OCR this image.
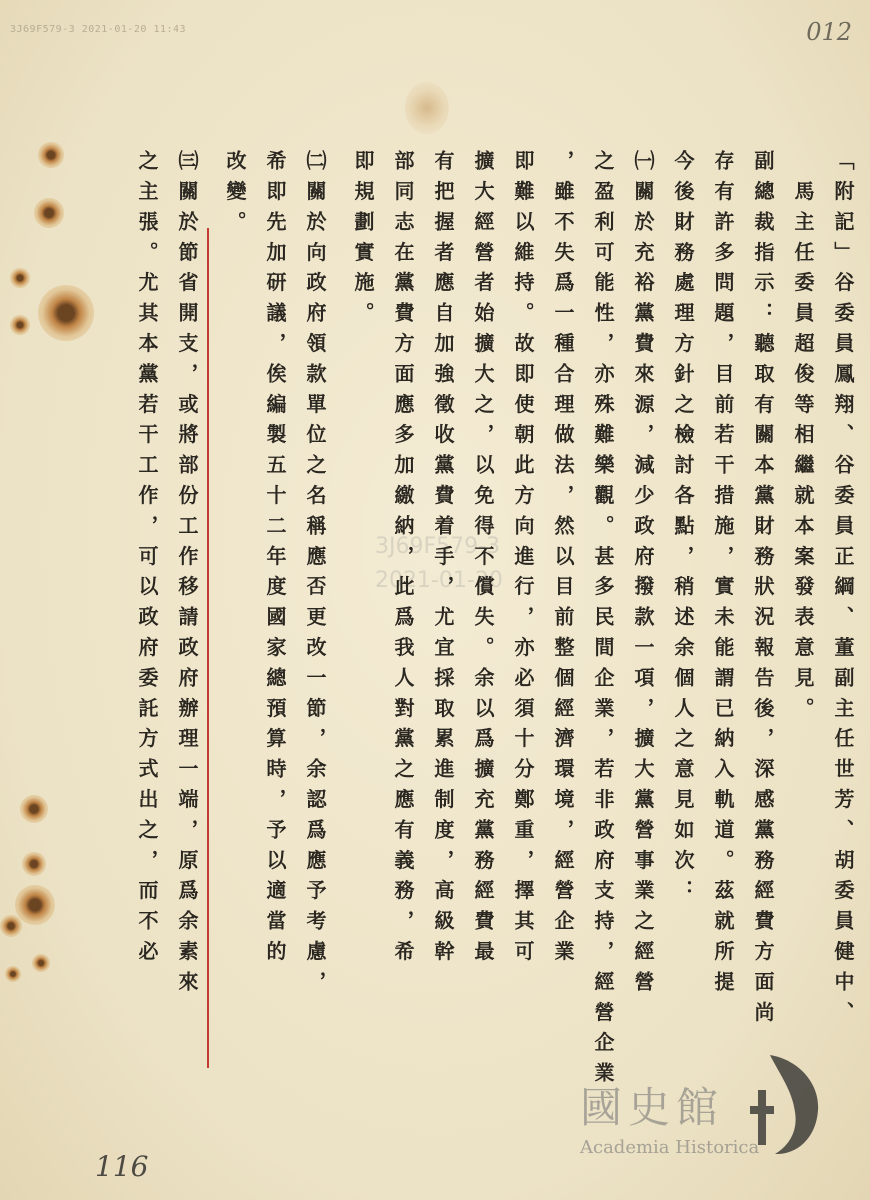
3J69F579-3 2021-01-20 11:43	012
3J69F579-3
2021-01-20	「附記」谷委員鳳翔、谷委員正綱、董副主任世芳、胡委員健中、
　馬主任委員超俊等相繼就本案發表意見。
副總裁指示：聽取有關本黨財務狀況報告後，深感黨務經費方面尚
存有許多問題，目前若干措施，實未能謂已納入軌道。茲就所提
今後財務處理方針之檢討各點，稍述余個人之意見如次：
㈠關於充裕黨費來源，減少政府撥款一項，擴大黨營事業之經營
之盈利可能性，亦殊難樂觀。甚多民間企業，若非政府支持，經營企業
，雖不失爲一種合理做法，然以目前整個經濟環境，經營企業
即難以維持。故即使朝此方向進行，亦必須十分鄭重，擇其可
擴大經營者始擴大之，以免得不償失。余以爲擴充黨務經費最
有把握者應自加強徵收黨費着手，尤宜採取累進制度，高級幹
部同志在黨費方面應多加繳納，此爲我人對黨之應有義務，希
即規劃實施。
㈡關於向政府領款單位之名稱應否更改一節，余認爲應予考慮，
希即先加研議，俟編製五十二年度國家總預算時，予以適當的
改變。
㈢關於節省開支，或將部份工作移請政府辦理一端，原爲余素來
之主張。尤其本黨若干工作，可以政府委託方式出之，而不必
國史館
Academia Historica
116
